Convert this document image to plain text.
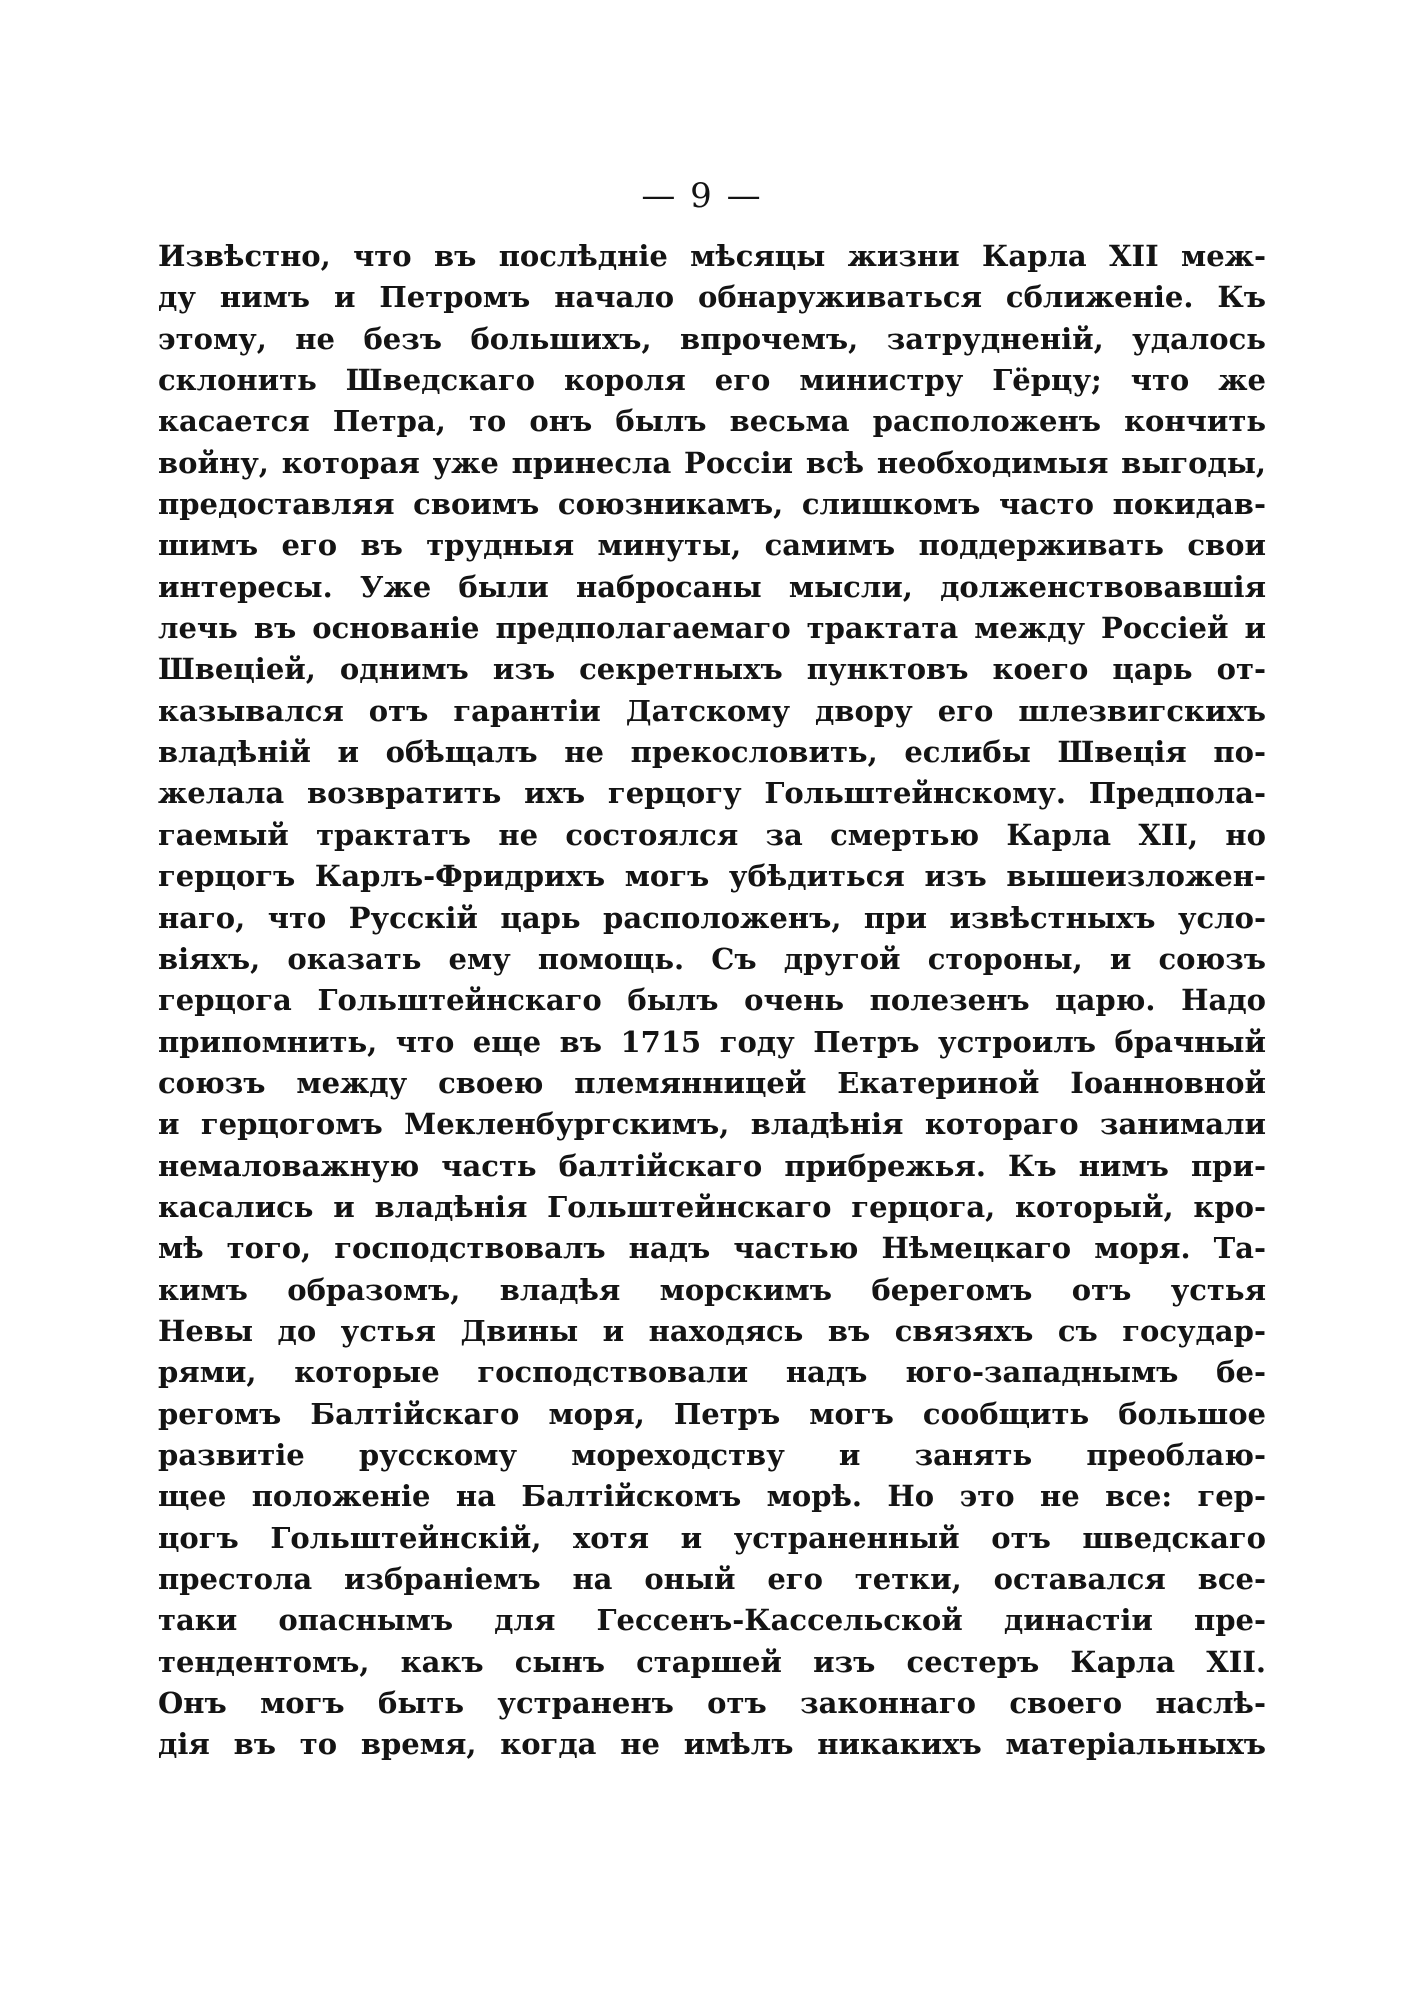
— 9 —
Извѣстно, что въ послѣдніе мѣсяцы жизни Карла XII меж-
ду нимъ и Петромъ начало обнаруживаться сближеніе. Къ
этому, не безъ большихъ, впрочемъ, затрудненій, удалось
склонить Шведскаго короля его министру Гёрцу; что же
касается Петра, то онъ былъ весьма расположенъ кончить
войну, которая уже принесла Россіи всѣ необходимыя выгоды,
предоставляя своимъ союзникамъ, слишкомъ часто покидав-
шимъ его въ трудныя минуты, самимъ поддерживать свои
интересы. Уже были набросаны мысли, долженствовавшія
лечь въ основаніе предполагаемаго трактата между Россіей и
Швеціей, однимъ изъ секретныхъ пунктовъ коего царь от-
казывался отъ гарантіи Датскому двору его шлезвигскихъ
владѣній и обѣщалъ не прекословить, еслибы Швеція по-
желала возвратить ихъ герцогу Гольштейнскому. Предпола-
гаемый трактатъ не состоялся за смертью Карла XII, но
герцогъ Карлъ-Фридрихъ могъ убѣдиться изъ вышеизложен-
наго, что Русскій царь расположенъ, при извѣстныхъ усло-
віяхъ, оказать ему помощь. Съ другой стороны, и союзъ
герцога Гольштейнскаго былъ очень полезенъ царю. Надо
припомнить, что еще въ 1715 году Петръ устроилъ брачный
союзъ между своею племянницей Екатериной Іоанновной
и герцогомъ Мекленбургскимъ, владѣнія котораго занимали
немаловажную часть балтійскаго прибрежья. Къ нимъ при-
касались и владѣнія Гольштейнскаго герцога, который, кро-
мѣ того, господствовалъ надъ частью Нѣмецкаго моря. Та-
кимъ образомъ, владѣя морскимъ берегомъ отъ устья
Невы до устья Двины и находясь въ связяхъ съ государ-
рями, которые господствовали надъ юго-западнымъ бе-
регомъ Балтійскаго моря, Петръ могъ сообщить большое
развитіе русскому мореходству и занять преоблаю-
щее положеніе на Балтійскомъ морѣ. Но это не все: гер-
цогъ Гольштейнскій, хотя и устраненный отъ шведскаго
престола избраніемъ на оный его тетки, оставался все-
таки опаснымъ для Гессенъ-Кассельской династіи пре-
тендентомъ, какъ сынъ старшей изъ сестеръ Карла XII.
Онъ могъ быть устраненъ отъ законнаго своего наслѣ-
дія въ то время, когда не имѣлъ никакихъ матеріальныхъ
